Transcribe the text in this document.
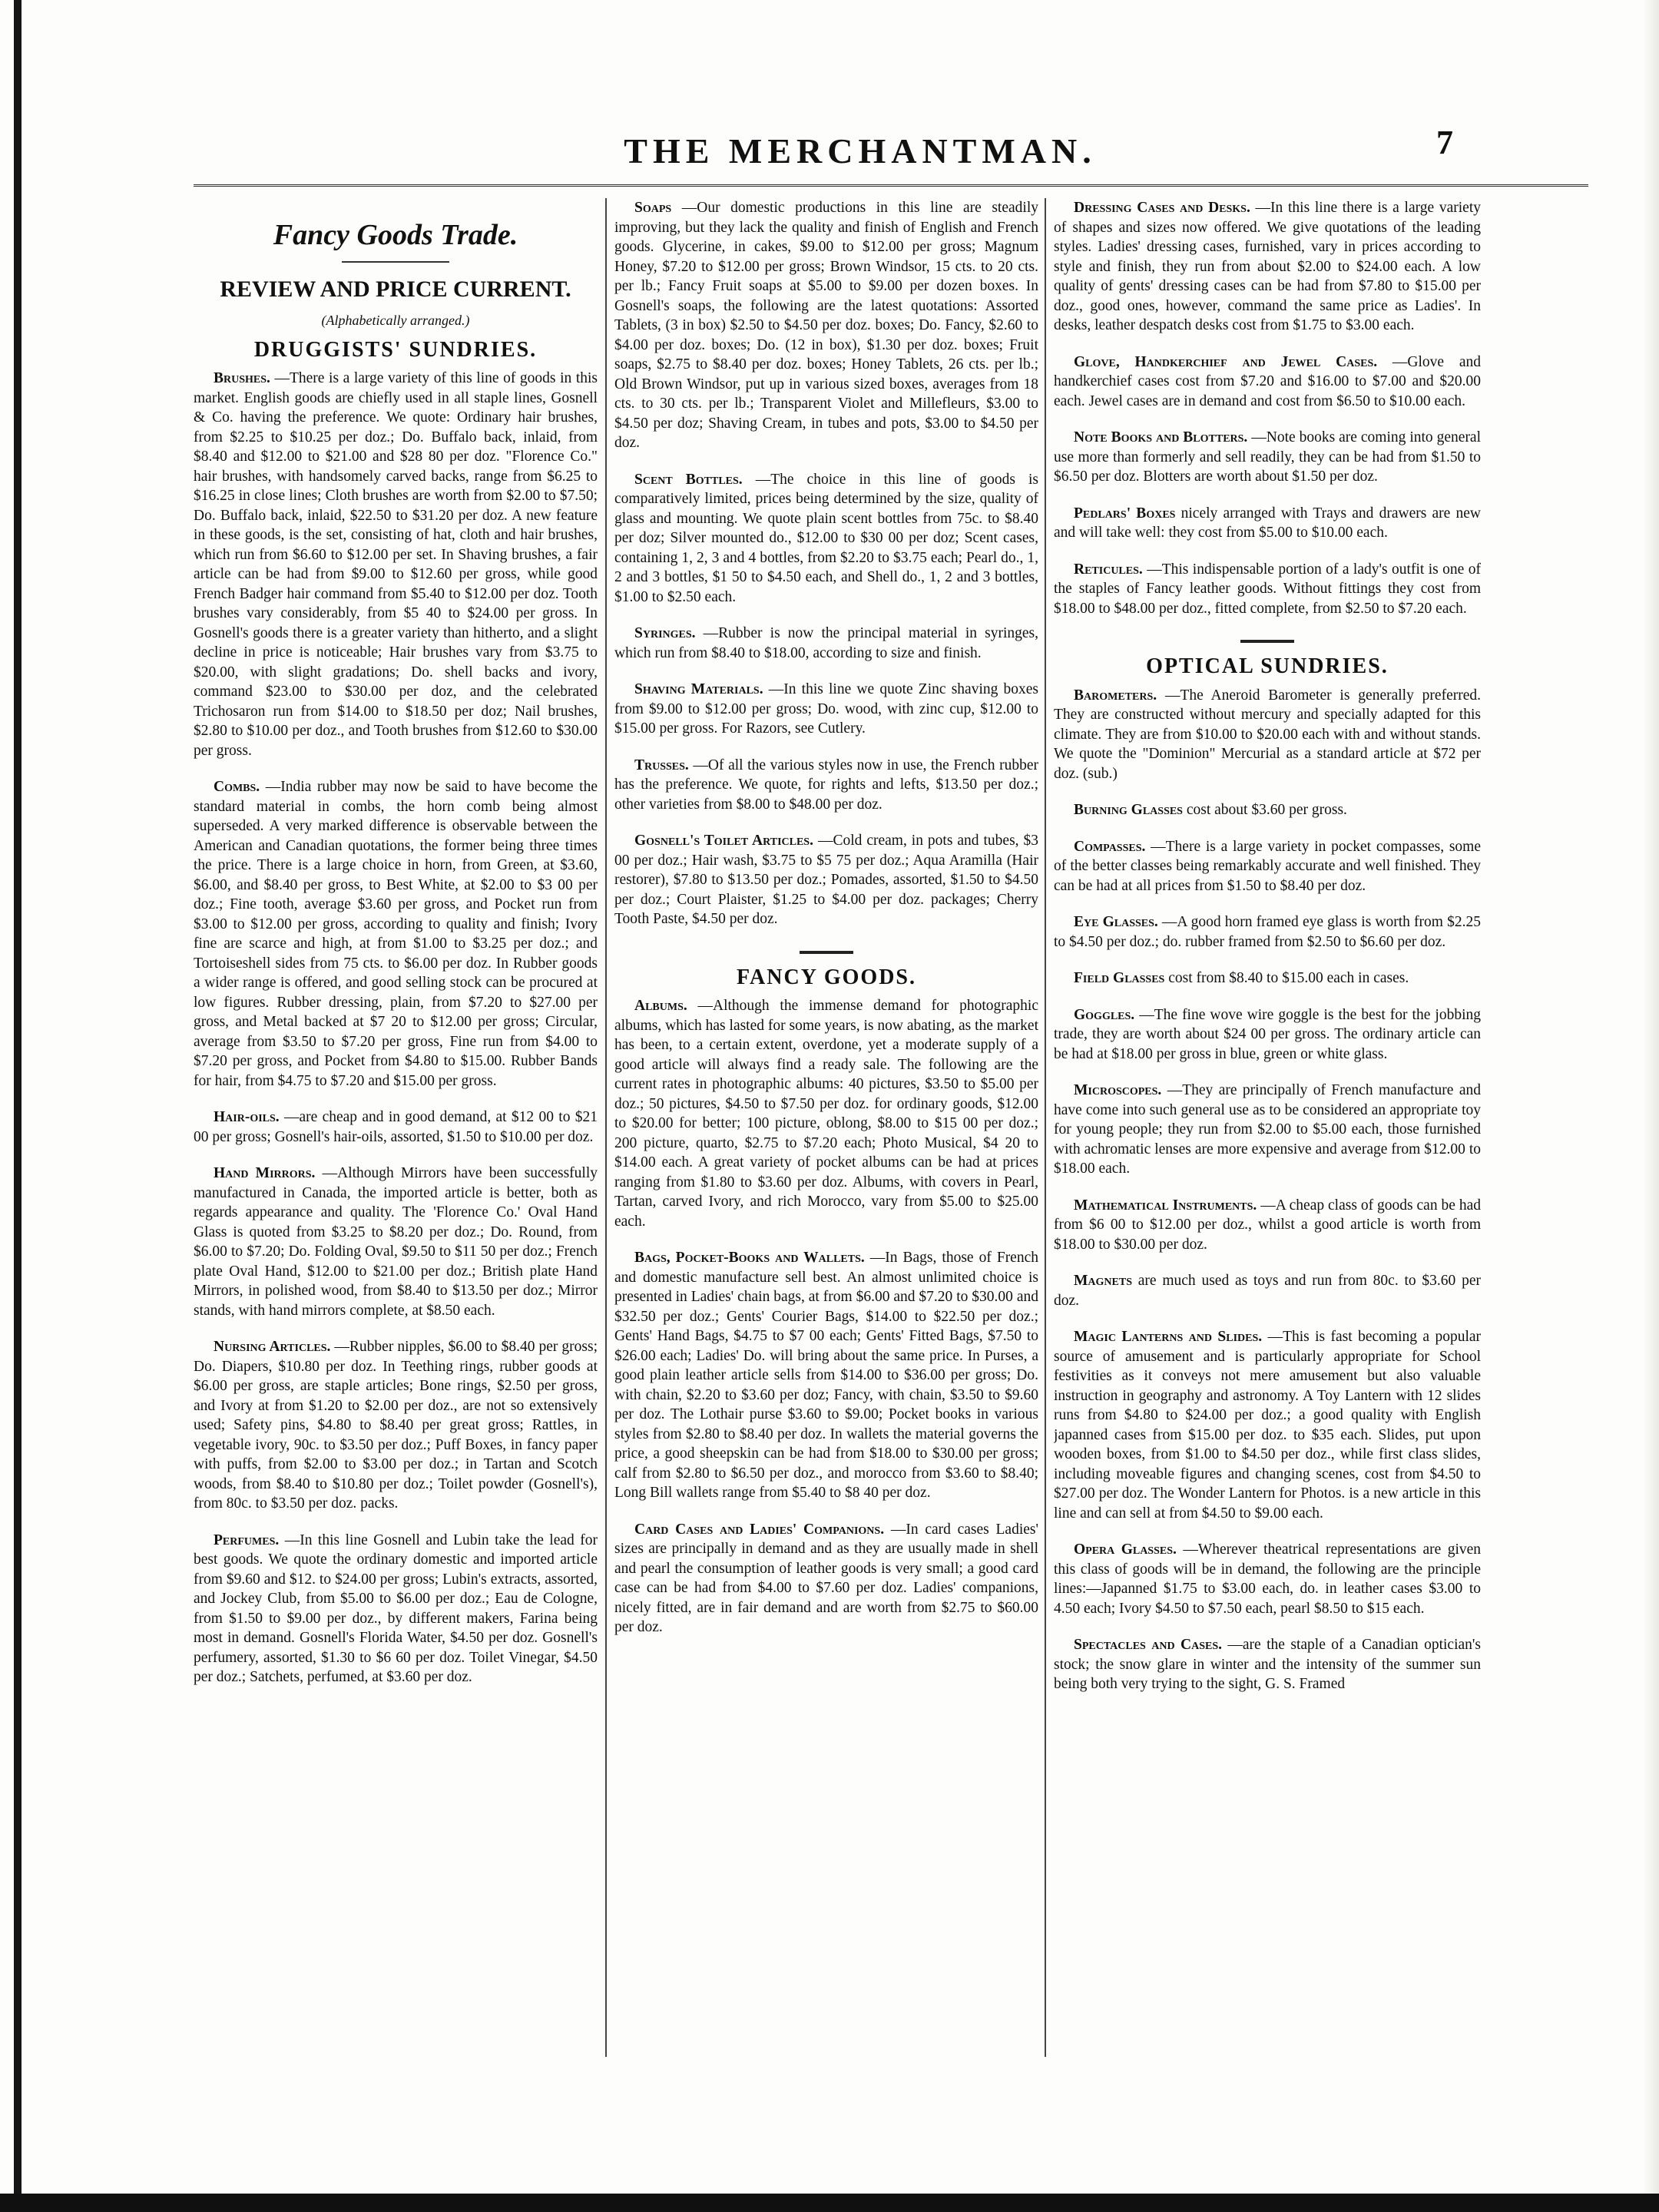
THE MERCHANTMAN.	7
Fancy Goods Trade.
REVIEW AND PRICE CURRENT.
(Alphabetically arranged.)
DRUGGISTS' SUNDRIES.

Brushes. —There is a large variety of this line of goods in this market. English goods are chiefly used in all staple lines, Gosnell & Co. having the preference. We quote: Ordinary hair brushes, from $2.25 to $10.25 per doz.; Do. Buffalo back, inlaid, from $8.40 and $12.00 to $21.00 and $28 80 per doz. "Florence Co." hair brushes, with handsomely carved backs, range from $6.25 to $16.25 in close lines; Cloth brushes are worth from $2.00 to $7.50; Do. Buffalo back, inlaid, $22.50 to $31.20 per doz. A new feature in these goods, is the set, consisting of hat, cloth and hair brushes, which run from $6.60 to $12.00 per set. In Shaving brushes, a fair article can be had from $9.00 to $12.60 per gross, while good French Badger hair command from $5.40 to $12.00 per doz. Tooth brushes vary considerably, from $5 40 to $24.00 per gross. In Gosnell's goods there is a greater variety than hitherto, and a slight decline in price is noticeable; Hair brushes vary from $3.75 to $20.00, with slight gradations; Do. shell backs and ivory, command $23.00 to $30.00 per doz, and the celebrated Trichosaron run from $14.00 to $18.50 per doz; Nail brushes, $2.80 to $10.00 per doz., and Tooth brushes from $12.60 to $30.00 per gross.

Combs. —India rubber may now be said to have become the standard material in combs, the horn comb being almost superseded. A very marked difference is observable between the American and Canadian quotations, the former being three times the price. There is a large choice in horn, from Green, at $3.60, $6.00, and $8.40 per gross, to Best White, at $2.00 to $3 00 per doz.; Fine tooth, average $3.60 per gross, and Pocket run from $3.00 to $12.00 per gross, according to quality and finish; Ivory fine are scarce and high, at from $1.00 to $3.25 per doz.; and Tortoiseshell sides from 75 cts. to $6.00 per doz. In Rubber goods a wider range is offered, and good selling stock can be procured at low figures. Rubber dressing, plain, from $7.20 to $27.00 per gross, and Metal backed at $7 20 to $12.00 per gross; Circular, average from $3.50 to $7.20 per gross, Fine run from $4.00 to $7.20 per gross, and Pocket from $4.80 to $15.00. Rubber Bands for hair, from $4.75 to $7.20 and $15.00 per gross.

Hair-oils. —are cheap and in good demand, at $12 00 to $21 00 per gross; Gosnell's hair-oils, assorted, $1.50 to $10.00 per doz.

Hand Mirrors. —Although Mirrors have been successfully manufactured in Canada, the imported article is better, both as regards appearance and quality. The 'Florence Co.' Oval Hand Glass is quoted from $3.25 to $8.20 per doz.; Do. Round, from $6.00 to $7.20; Do. Folding Oval, $9.50 to $11 50 per doz.; French plate Oval Hand, $12.00 to $21.00 per doz.; British plate Hand Mirrors, in polished wood, from $8.40 to $13.50 per doz.; Mirror stands, with hand mirrors complete, at $8.50 each.

Nursing Articles. —Rubber nipples, $6.00 to $8.40 per gross; Do. Diapers, $10.80 per doz. In Teething rings, rubber goods at $6.00 per gross, are staple articles; Bone rings, $2.50 per gross, and Ivory at from $1.20 to $2.00 per doz., are not so extensively used; Safety pins, $4.80 to $8.40 per great gross; Rattles, in vegetable ivory, 90c. to $3.50 per doz.; Puff Boxes, in fancy paper with puffs, from $2.00 to $3.00 per doz.; in Tartan and Scotch woods, from $8.40 to $10.80 per doz.; Toilet powder (Gosnell's), from 80c. to $3.50 per doz. packs.

Perfumes. —In this line Gosnell and Lubin take the lead for best goods. We quote the ordinary domestic and imported article from $9.60 and $12. to $24.00 per gross; Lubin's extracts, assorted, and Jockey Club, from $5.00 to $6.00 per doz.; Eau de Cologne, from $1.50 to $9.00 per doz., by different makers, Farina being most in demand. Gosnell's Florida Water, $4.50 per doz. Gosnell's perfumery, assorted, $1.30 to $6 60 per doz. Toilet Vinegar, $4.50 per doz.; Satchets, perfumed, at $3.60 per doz.

Soaps —Our domestic productions in this line are steadily improving, but they lack the quality and finish of English and French goods. Glycerine, in cakes, $9.00 to $12.00 per gross; Magnum Honey, $7.20 to $12.00 per gross; Brown Windsor, 15 cts. to 20 cts. per lb.; Fancy Fruit soaps at $5.00 to $9.00 per dozen boxes. In Gosnell's soaps, the following are the latest quotations: Assorted Tablets, (3 in box) $2.50 to $4.50 per doz. boxes; Do. Fancy, $2.60 to $4.00 per doz. boxes; Do. (12 in box), $1.30 per doz. boxes; Fruit soaps, $2.75 to $8.40 per doz. boxes; Honey Tablets, 26 cts. per lb.; Old Brown Windsor, put up in various sized boxes, averages from 18 cts. to 30 cts. per lb.; Transparent Violet and Millefleurs, $3.00 to $4.50 per doz; Shaving Cream, in tubes and pots, $3.00 to $4.50 per doz.

Scent Bottles. —The choice in this line of goods is comparatively limited, prices being determined by the size, quality of glass and mounting. We quote plain scent bottles from 75c. to $8.40 per doz; Silver mounted do., $12.00 to $30 00 per doz; Scent cases, containing 1, 2, 3 and 4 bottles, from $2.20 to $3.75 each; Pearl do., 1, 2 and 3 bottles, $1 50 to $4.50 each, and Shell do., 1, 2 and 3 bottles, $1.00 to $2.50 each.

Syringes. —Rubber is now the principal material in syringes, which run from $8.40 to $18.00, according to size and finish.

Shaving Materials. —In this line we quote Zinc shaving boxes from $9.00 to $12.00 per gross; Do. wood, with zinc cup, $12.00 to $15.00 per gross. For Razors, see Cutlery.

Trusses. —Of all the various styles now in use, the French rubber has the preference. We quote, for rights and lefts, $13.50 per doz.; other varieties from $8.00 to $48.00 per doz.

Gosnell's Toilet Articles. —Cold cream, in pots and tubes, $3 00 per doz.; Hair wash, $3.75 to $5 75 per doz.; Aqua Aramilla (Hair restorer), $7.80 to $13.50 per doz.; Pomades, assorted, $1.50 to $4.50 per doz.; Court Plaister, $1.25 to $4.00 per doz. packages; Cherry Tooth Paste, $4.50 per doz.

FANCY GOODS.

Albums. —Although the immense demand for photographic albums, which has lasted for some years, is now abating, as the market has been, to a certain extent, overdone, yet a moderate supply of a good article will always find a ready sale. The following are the current rates in photographic albums: 40 pictures, $3.50 to $5.00 per doz.; 50 pictures, $4.50 to $7.50 per doz. for ordinary goods, $12.00 to $20.00 for better; 100 picture, oblong, $8.00 to $15 00 per doz.; 200 picture, quarto, $2.75 to $7.20 each; Photo Musical, $4 20 to $14.00 each. A great variety of pocket albums can be had at prices ranging from $1.80 to $3.60 per doz. Albums, with covers in Pearl, Tartan, carved Ivory, and rich Morocco, vary from $5.00 to $25.00 each.

Bags, Pocket-Books and Wallets. —In Bags, those of French and domestic manufacture sell best. An almost unlimited choice is presented in Ladies' chain bags, at from $6.00 and $7.20 to $30.00 and $32.50 per doz.; Gents' Courier Bags, $14.00 to $22.50 per doz.; Gents' Hand Bags, $4.75 to $7 00 each; Gents' Fitted Bags, $7.50 to $26.00 each; Ladies' Do. will bring about the same price. In Purses, a good plain leather article sells from $14.00 to $36.00 per gross; Do. with chain, $2.20 to $3.60 per doz; Fancy, with chain, $3.50 to $9.60 per doz. The Lothair purse $3.60 to $9.00; Pocket books in various styles from $2.80 to $8.40 per doz. In wallets the material governs the price, a good sheepskin can be had from $18.00 to $30.00 per gross; calf from $2.80 to $6.50 per doz., and morocco from $3.60 to $8.40; Long Bill wallets range from $5.40 to $8 40 per doz.

Card Cases and Ladies' Companions. —In card cases Ladies' sizes are principally in demand and as they are usually made in shell and pearl the consumption of leather goods is very small; a good card case can be had from $4.00 to $7.60 per doz. Ladies' companions, nicely fitted, are in fair demand and are worth from $2.75 to $60.00 per doz.

Dressing Cases and Desks. —In this line there is a large variety of shapes and sizes now offered. We give quotations of the leading styles. Ladies' dressing cases, furnished, vary in prices according to style and finish, they run from about $2.00 to $24.00 each. A low quality of gents' dressing cases can be had from $7.80 to $15.00 per doz., good ones, however, command the same price as Ladies'. In desks, leather despatch desks cost from $1.75 to $3.00 each.

Glove, Handkerchief and Jewel Cases. —Glove and handkerchief cases cost from $7.20 and $16.00 to $7.00 and $20.00 each. Jewel cases are in demand and cost from $6.50 to $10.00 each.

Note Books and Blotters. —Note books are coming into general use more than formerly and sell readily, they can be had from $1.50 to $6.50 per doz. Blotters are worth about $1.50 per doz.

Pedlars' Boxes nicely arranged with Trays and drawers are new and will take well: they cost from $5.00 to $10.00 each.

Reticules. —This indispensable portion of a lady's outfit is one of the staples of Fancy leather goods. Without fittings they cost from $18.00 to $48.00 per doz., fitted complete, from $2.50 to $7.20 each.

OPTICAL SUNDRIES.

Barometers. —The Aneroid Barometer is generally preferred. They are constructed without mercury and specially adapted for this climate. They are from $10.00 to $20.00 each with and without stands. We quote the "Dominion" Mercurial as a standard article at $72 per doz. (sub.)

Burning Glasses cost about $3.60 per gross.

Compasses. —There is a large variety in pocket compasses, some of the better classes being remarkably accurate and well finished. They can be had at all prices from $1.50 to $8.40 per doz.

Eye Glasses. —A good horn framed eye glass is worth from $2.25 to $4.50 per doz.; do. rubber framed from $2.50 to $6.60 per doz.

Field Glasses cost from $8.40 to $15.00 each in cases.

Goggles. —The fine wove wire goggle is the best for the jobbing trade, they are worth about $24 00 per gross. The ordinary article can be had at $18.00 per gross in blue, green or white glass.

Microscopes. —They are principally of French manufacture and have come into such general use as to be considered an appropriate toy for young people; they run from $2.00 to $5.00 each, those furnished with achromatic lenses are more expensive and average from $12.00 to $18.00 each.

Mathematical Instruments. —A cheap class of goods can be had from $6 00 to $12.00 per doz., whilst a good article is worth from $18.00 to $30.00 per doz.

Magnets are much used as toys and run from 80c. to $3.60 per doz.

Magic Lanterns and Slides. —This is fast becoming a popular source of amusement and is particularly appropriate for School festivities as it conveys not mere amusement but also valuable instruction in geography and astronomy. A Toy Lantern with 12 slides runs from $4.80 to $24.00 per doz.; a good quality with English japanned cases from $15.00 per doz. to $35 each. Slides, put upon wooden boxes, from $1.00 to $4.50 per doz., while first class slides, including moveable figures and changing scenes, cost from $4.50 to $27.00 per doz. The Wonder Lantern for Photos. is a new article in this line and can sell at from $4.50 to $9.00 each.

Opera Glasses. —Wherever theatrical representations are given this class of goods will be in demand, the following are the principle lines:—Japanned $1.75 to $3.00 each, do. in leather cases $3.00 to 4.50 each; Ivory $4.50 to $7.50 each, pearl $8.50 to $15 each.

Spectacles and Cases. —are the staple of a Canadian optician's stock; the snow glare in winter and the intensity of the summer sun being both very trying to the sight, G. S. Framed
